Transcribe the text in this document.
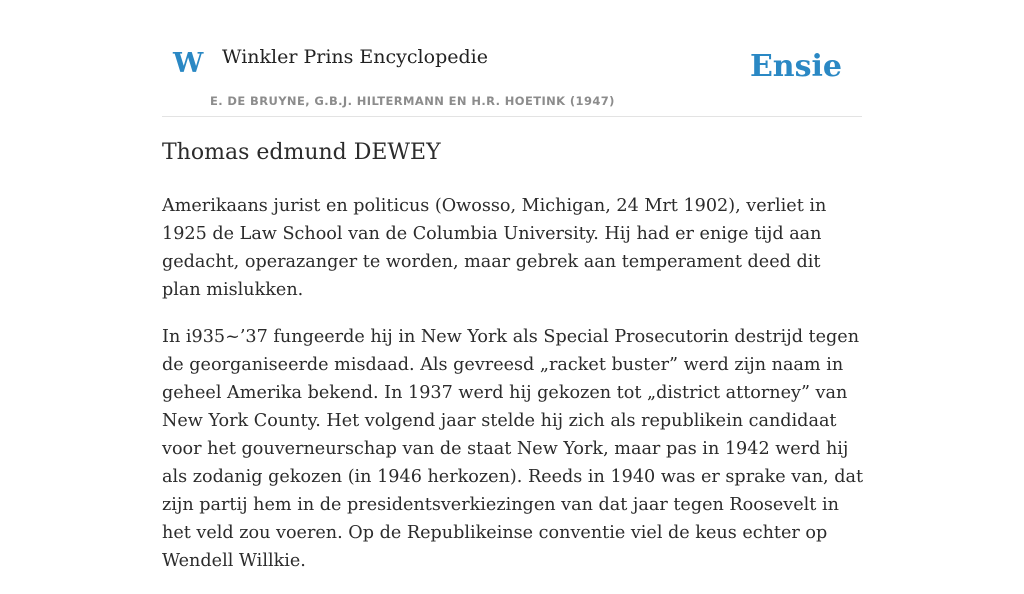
W Winkler Prins Encyclopedie
E. DE BRUYNE, G.B.J. HILTERMANN EN H.R. HOETINK (1947)
Ensie
Thomas edmund DEWEY

Amerikaans jurist en politicus (Owosso, Michigan, 24 Mrt 1902), verliet in 1925 de Law School van de Columbia University. Hij had er enige tijd aan gedacht, operazanger te worden, maar gebrek aan temperament deed dit plan mislukken.

In i935~’37 fungeerde hij in New York als Special Prosecutorin destrijd tegen de georganiseerde misdaad. Als gevreesd „racket buster” werd zijn naam in geheel Amerika bekend. In 1937 werd hij gekozen tot „district attorney” van New York County. Het volgend jaar stelde hij zich als republikein candidaat voor het gouverneurschap van de staat New York, maar pas in 1942 werd hij als zodanig gekozen (in 1946 herkozen). Reeds in 1940 was er sprake van, dat zijn partij hem in de presidentsverkiezingen van dat jaar tegen Roosevelt in het veld zou voeren. Op de Republikeinse conventie viel de keus echter op Wendell Willkie.
